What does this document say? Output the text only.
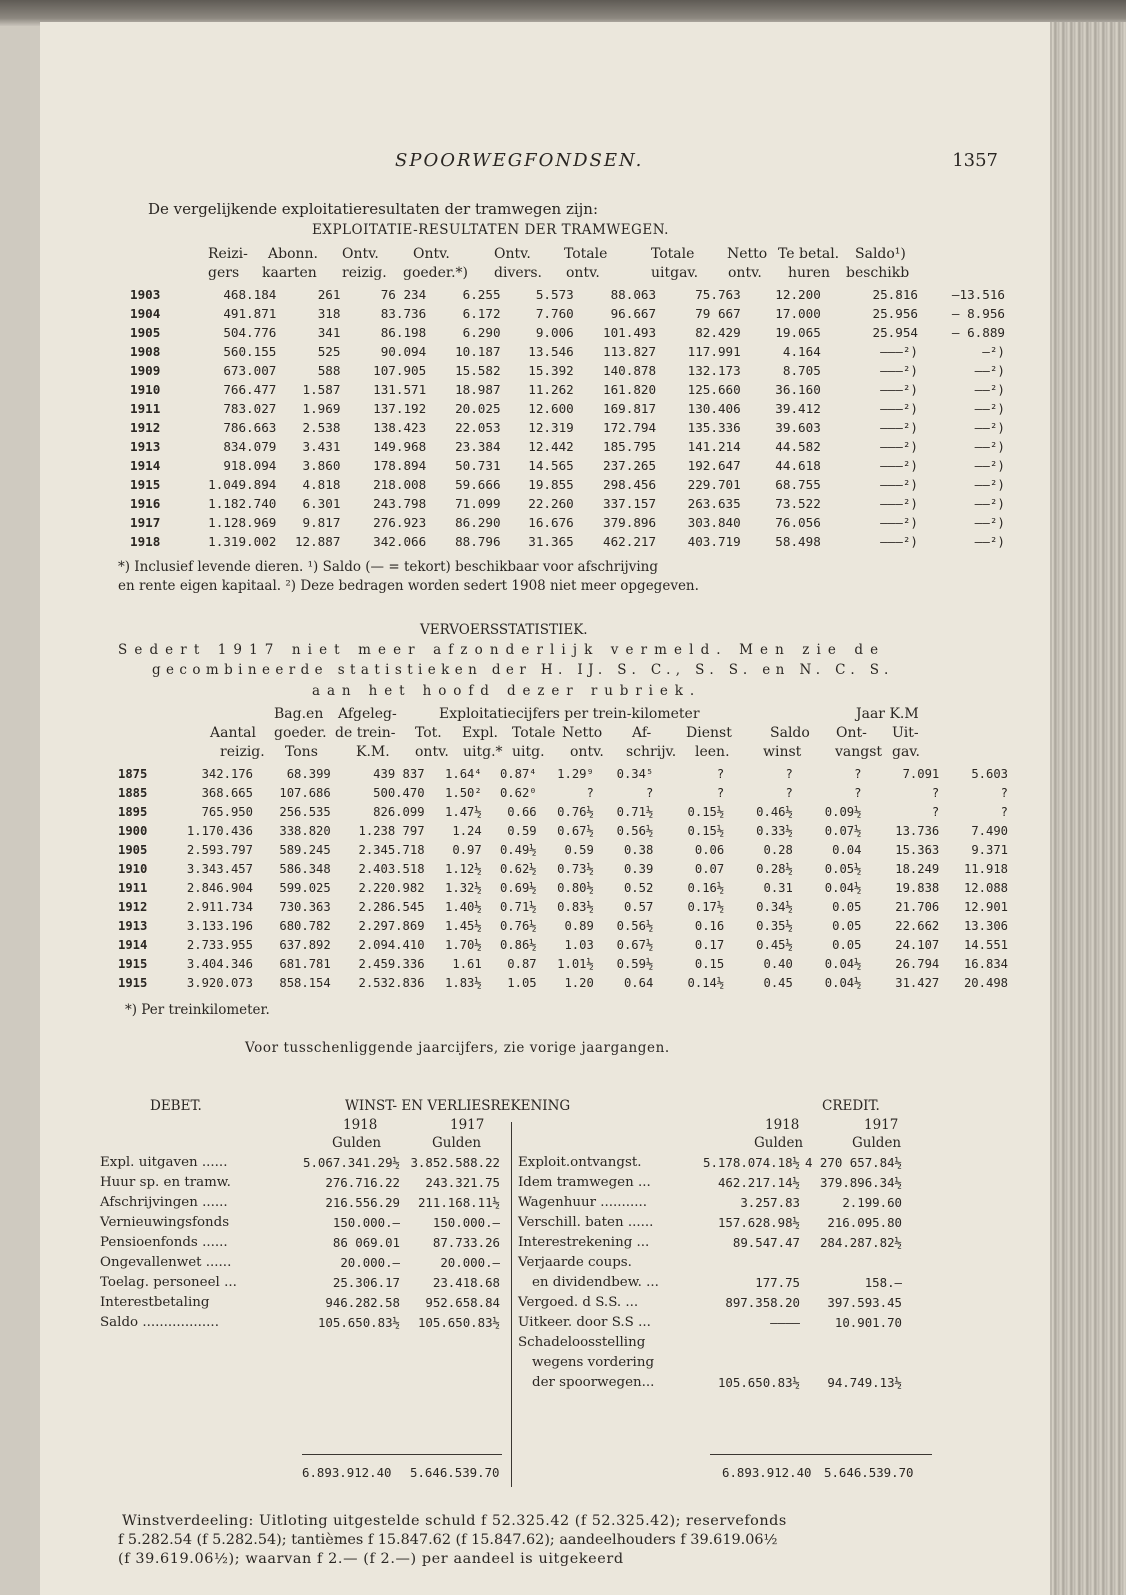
SPOORWEGFONDSEN.	1357
De vergelijkende exploitatieresultaten der tramwegen zijn:
EXPLOITATIE-RESULTATEN DER TRAMWEGEN.
Reizi- Abonn. Ontv. Ontv.	Ontv. Totale	Totale Netto Te betal. Saldo¹)
gers kaarten reizig. goeder.*) divers. ontv.	uitgav. ontv. huren beschikb
1903	468.184	261	76 234	6.255	5.573	88.063	75.763	12.200	25.816	—13.516
1904	491.871	318	83.736	6.172	7.760	96.667	79 667	17.000	25.956	— 8.956
1905	504.776	341	86.198	6.290	9.006	101.493	82.429	19.065	25.954	— 6.889
1908	560.155	525	90.094	10.187	13.546	113.827	117.991	4.164	———²)	—²)
1909	673.007	588	107.905	15.582	15.392	140.878	132.173	8.705	———²)	——²)
1910	766.477	1.587	131.571	18.987	11.262	161.820	125.660	36.160	———²)	——²)
1911	783.027	1.969	137.192	20.025	12.600	169.817	130.406	39.412	———²)	——²)
1912	786.663	2.538	138.423	22.053	12.319	172.794	135.336	39.603	———²)	——²)
1913	834.079	3.431	149.968	23.384	12.442	185.795	141.214	44.582	———²)	——²)
1914	918.094	3.860	178.894	50.731	14.565	237.265	192.647	44.618	———²)	——²)
1915	1.049.894	4.818	218.008	59.666	19.855	298.456	229.701	68.755	———²)	——²)
1916	1.182.740	6.301	243.798	71.099	22.260	337.157	263.635	73.522	———²)	——²)
1917	1.128.969	9.817	276.923	86.290	16.676	379.896	303.840	76.056	———²)	——²)
1918	1.319.002	12.887	342.066	88.796	31.365	462.217	403.719	58.498	———²)	——²)
*) Inclusief levende dieren. ¹) Saldo (— = tekort) beschikbaar voor afschrijving
en rente eigen kapitaal. ²) Deze bedragen worden sedert 1908 niet meer opgegeven.
VERVOERSSTATISTIEK.
Sedert 1917 niet meer afzonderlijk vermeld. Men zie de
gecombineerde statistieken der H. IJ. S. C., S. S. en N. C. S.
aan het hoofd dezer rubriek.
Bag.en Afgeleg-	Exploitatiecijfers per trein-kilometer	Jaar K.M
Aantal goeder. de trein- Tot. Expl. Totale Netto Af- Dienst	Saldo Ont- Uit-
reizig. Tons	K.M. ontv. uitg.* uitg. ontv. schrijv. leen. winst vangst gav.
1875	342.176	68.399	439 837	1.64⁴	0.87⁴	1.29⁹	0.34⁵	?	?	?	7.091	5.603
1885	368.665	107.686	500.470	1.50²	0.62⁰	?	?	?	?	?	?	?
1895	765.950	256.535	826.099	1.47½	0.66	0.76½	0.71½	0.15½	0.46½	0.09½	?	?
1900	1.170.436	338.820	1.238 797	1.24	0.59	0.67½	0.56½	0.15½	0.33½	0.07½	13.736	7.490
1905	2.593.797	589.245	2.345.718	0.97	0.49½	0.59	0.38	0.06	0.28	0.04	15.363	9.371
1910	3.343.457	586.348	2.403.518	1.12½	0.62½	0.73½	0.39	0.07	0.28½	0.05½	18.249	11.918
1911	2.846.904	599.025	2.220.982	1.32½	0.69½	0.80½	0.52	0.16½	0.31	0.04½	19.838	12.088
1912	2.911.734	730.363	2.286.545	1.40½	0.71½	0.83½	0.57	0.17½	0.34½	0.05	21.706	12.901
1913	3.133.196	680.782	2.297.869	1.45½	0.76½	0.89	0.56½	0.16	0.35½	0.05	22.662	13.306
1914	2.733.955	637.892	2.094.410	1.70½	0.86½	1.03	0.67½	0.17	0.45½	0.05	24.107	14.551
1915	3.404.346	681.781	2.459.336	1.61	0.87	1.01½	0.59½	0.15	0.40	0.04½	26.794	16.834
1915	3.920.073	858.154	2.532.836	1.83½	1.05	1.20	0.64	0.14½	0.45	0.04½	31.427	20.498
*) Per treinkilometer.
Voor tusschenliggende jaarcijfers, zie vorige jaargangen.
DEBET.	WINST- EN VERLIESREKENING	CREDIT.
1918	1917
Gulden	Gulden
1918	1917
Gulden	Gulden
Expl. uitgaven ......	5.067.341.29½	3.852.588.22
Huur sp. en tramw.	276.716.22	243.321.75
Afschrijvingen ......	216.556.29	211.168.11½
Vernieuwingsfonds	150.000.—	150.000.—
Pensioenfonds ......	86 069.01	87.733.26
Ongevallenwet ......	20.000.—	20.000.—
Toelag. personeel ...	25.306.17	23.418.68
Interestbetaling	946.282.58	952.658.84
Saldo ..................	105.650.83½	105.650.83½
Exploit.ontvangst.	5.178.074.18½	4 270 657.84½
Idem tramwegen ...	462.217.14½	379.896.34½
Wagenhuur ...........	3.257.83	2.199.60
Verschill. baten ......	157.628.98½	216.095.80
Interestrekening ...	89.547.47	284.287.82½
Verjaarde coups.		
en dividendbew. ...	177.75	158.—
Vergoed. d S.S. ...	897.358.20	397.593.45
Uitkeer. door S.S ...	————	10.901.70
Schadeloosstelling		
wegens vordering		
der spoorwegen...	105.650.83½	94.749.13½
6.893.912.40 5.646.539.70	6.893.912.40 5.646.539.70
Winstverdeeling: Uitloting uitgestelde schuld f 52.325.42 (f 52.325.42); reservefonds
f 5.282.54 (f 5.282.54); tantièmes f 15.847.62 (f 15.847.62); aandeelhouders f 39.619.06½
(f 39.619.06½); waarvan f 2.— (f 2.—) per aandeel is uitgekeerd
